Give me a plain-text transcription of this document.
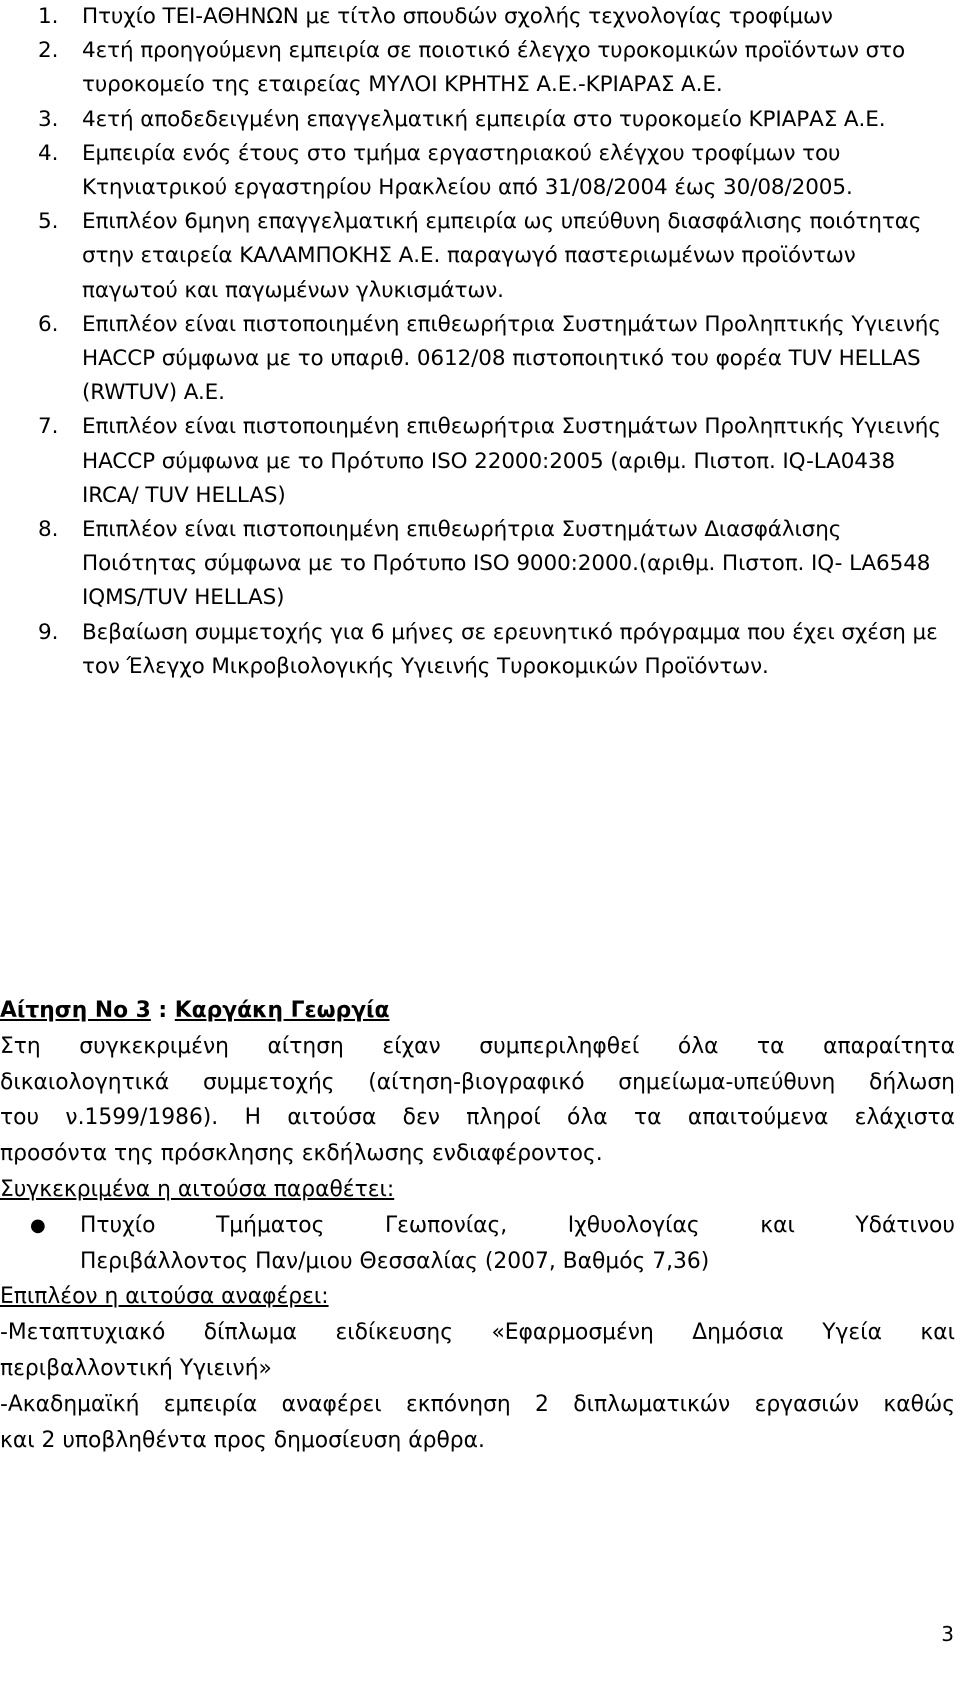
1.	Πτυχίο ΤΕΙ-ΑΘΗΝΩΝ με τίτλο σπουδών σχολής τεχνολογίας τροφίμων
2.	4ετή προηγούμενη εμπειρία σε ποιοτικό έλεγχο τυροκομικών προϊόντων στο τυροκομείο της εταιρείας ΜΥΛΟΙ ΚΡΗΤΗΣ Α.Ε.-ΚΡΙΑΡΑΣ Α.Ε.
3.	4ετή αποδεδειγμένη επαγγελματική εμπειρία στο τυροκομείο ΚΡΙΑΡΑΣ Α.Ε.
4.	Εμπειρία ενός έτους στο τμήμα εργαστηριακού ελέγχου τροφίμων του Κτηνιατρικού εργαστηρίου Ηρακλείου από 31/08/2004 έως 30/08/2005.
5.	Επιπλέον 6μηνη επαγγελματική εμπειρία ως υπεύθυνη διασφάλισης ποιότητας στην εταιρεία ΚΑΛΑΜΠΟΚΗΣ Α.Ε. παραγωγό παστεριωμένων προϊόντων παγωτού και παγωμένων γλυκισμάτων.
6.	Επιπλέον είναι πιστοποιημένη επιθεωρήτρια Συστημάτων Προληπτικής Υγιεινής HACCP σύμφωνα με το υπαριθ. 0612/08 πιστοποιητικό του φορέα TUV HELLAS (RWTUV) A.E.
7.	Επιπλέον είναι πιστοποιημένη επιθεωρήτρια Συστημάτων Προληπτικής Υγιεινής HACCP σύμφωνα με το Πρότυπο ISO 22000:2005 (αριθμ. Πιστοπ. IQ-LA0438 IRCA/ TUV HELLAS)
8.	Επιπλέον είναι πιστοποιημένη επιθεωρήτρια Συστημάτων Διασφάλισης Ποιότητας σύμφωνα με το Πρότυπο ISO 9000:2000.(αριθμ. Πιστοπ. IQ- LA6548 IQMS/TUV HELLAS)
9.	Βεβαίωση συμμετοχής για 6 μήνες σε ερευνητικό πρόγραμμα που έχει σχέση με τον Έλεγχο Μικροβιολογικής Υγιεινής Τυροκομικών Προϊόντων.

Αίτηση Νο 3 : Καργάκη Γεωργία

Στη συγκεκριμένη αίτηση είχαν συμπεριληφθεί όλα τα απαραίτητα

δικαιολογητικά συμμετοχής (αίτηση-βιογραφικό σημείωμα-υπεύθυνη δήλωση

του ν.1599/1986). Η αιτούσα δεν πληροί όλα τα απαιτούμενα ελάχιστα

προσόντα της πρόσκλησης εκδήλωσης ενδιαφέροντος.

Συγκεκριμένα η αιτούσα παραθέτει:

●	Πτυχίο Τμήματος Γεωπονίας, Ιχθυολογίας και Υδάτινου
Περιβάλλοντος Παν/μιου Θεσσαλίας (2007, Βαθμός 7,36)

Επιπλέον η αιτούσα αναφέρει:

-Μεταπτυχιακό δίπλωμα ειδίκευσης «Εφαρμοσμένη Δημόσια Υγεία και

περιβαλλοντική Υγιεινή»

-Ακαδημαϊκή εμπειρία αναφέρει εκπόνηση 2 διπλωματικών εργασιών καθώς

και 2 υποβληθέντα προς δημοσίευση άρθρα.

3
